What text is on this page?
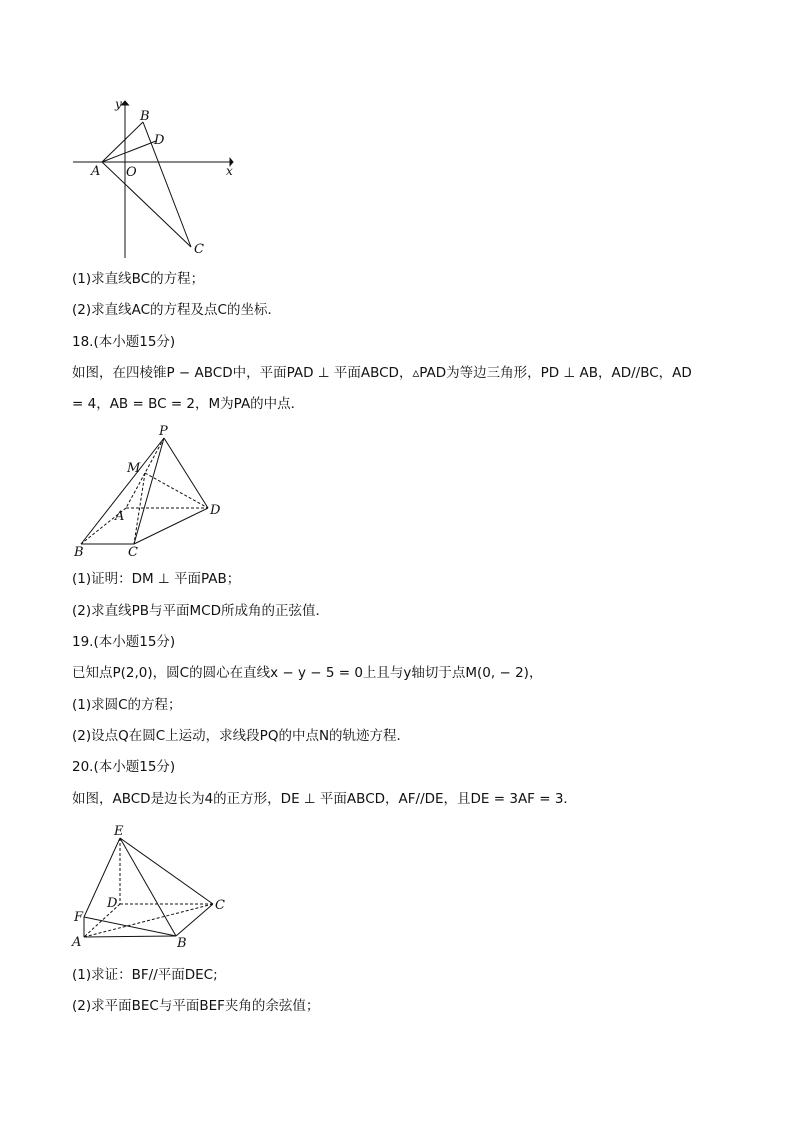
y
x
A O
B
D
C
(1)求直线BC的方程；
(2)求直线AC的方程及点C的坐标．
18.(本小题15分)
如图，在四棱锥P − ABCD中，平面PAD ⊥ 平面ABCD，▵PAD为等边三角形，PD ⊥ AB，AD//BC，AD
= 4，AB = BC = 2，M为PA的中点．
P
M
A	D
B	C
(1)证明：DM ⊥ 平面PAB；
(2)求直线PB与平面MCD所成角的正弦值．
19.(本小题15分)
已知点P(2,0)，圆C的圆心在直线x − y − 5 = 0上且与y轴切于点M(0, − 2)，
(1)求圆C的方程；
(2)设点Q在圆C上运动，求线段PQ的中点N的轨迹方程．
20.(本小题15分)
如图，ABCD是边长为4的正方形，DE ⊥ 平面ABCD，AF//DE，且DE = 3AF = 3．
E
D	C
F
A	B
(1)求证：BF//平面DEC;
(2)求平面BEC与平面BEF夹角的余弦值；
